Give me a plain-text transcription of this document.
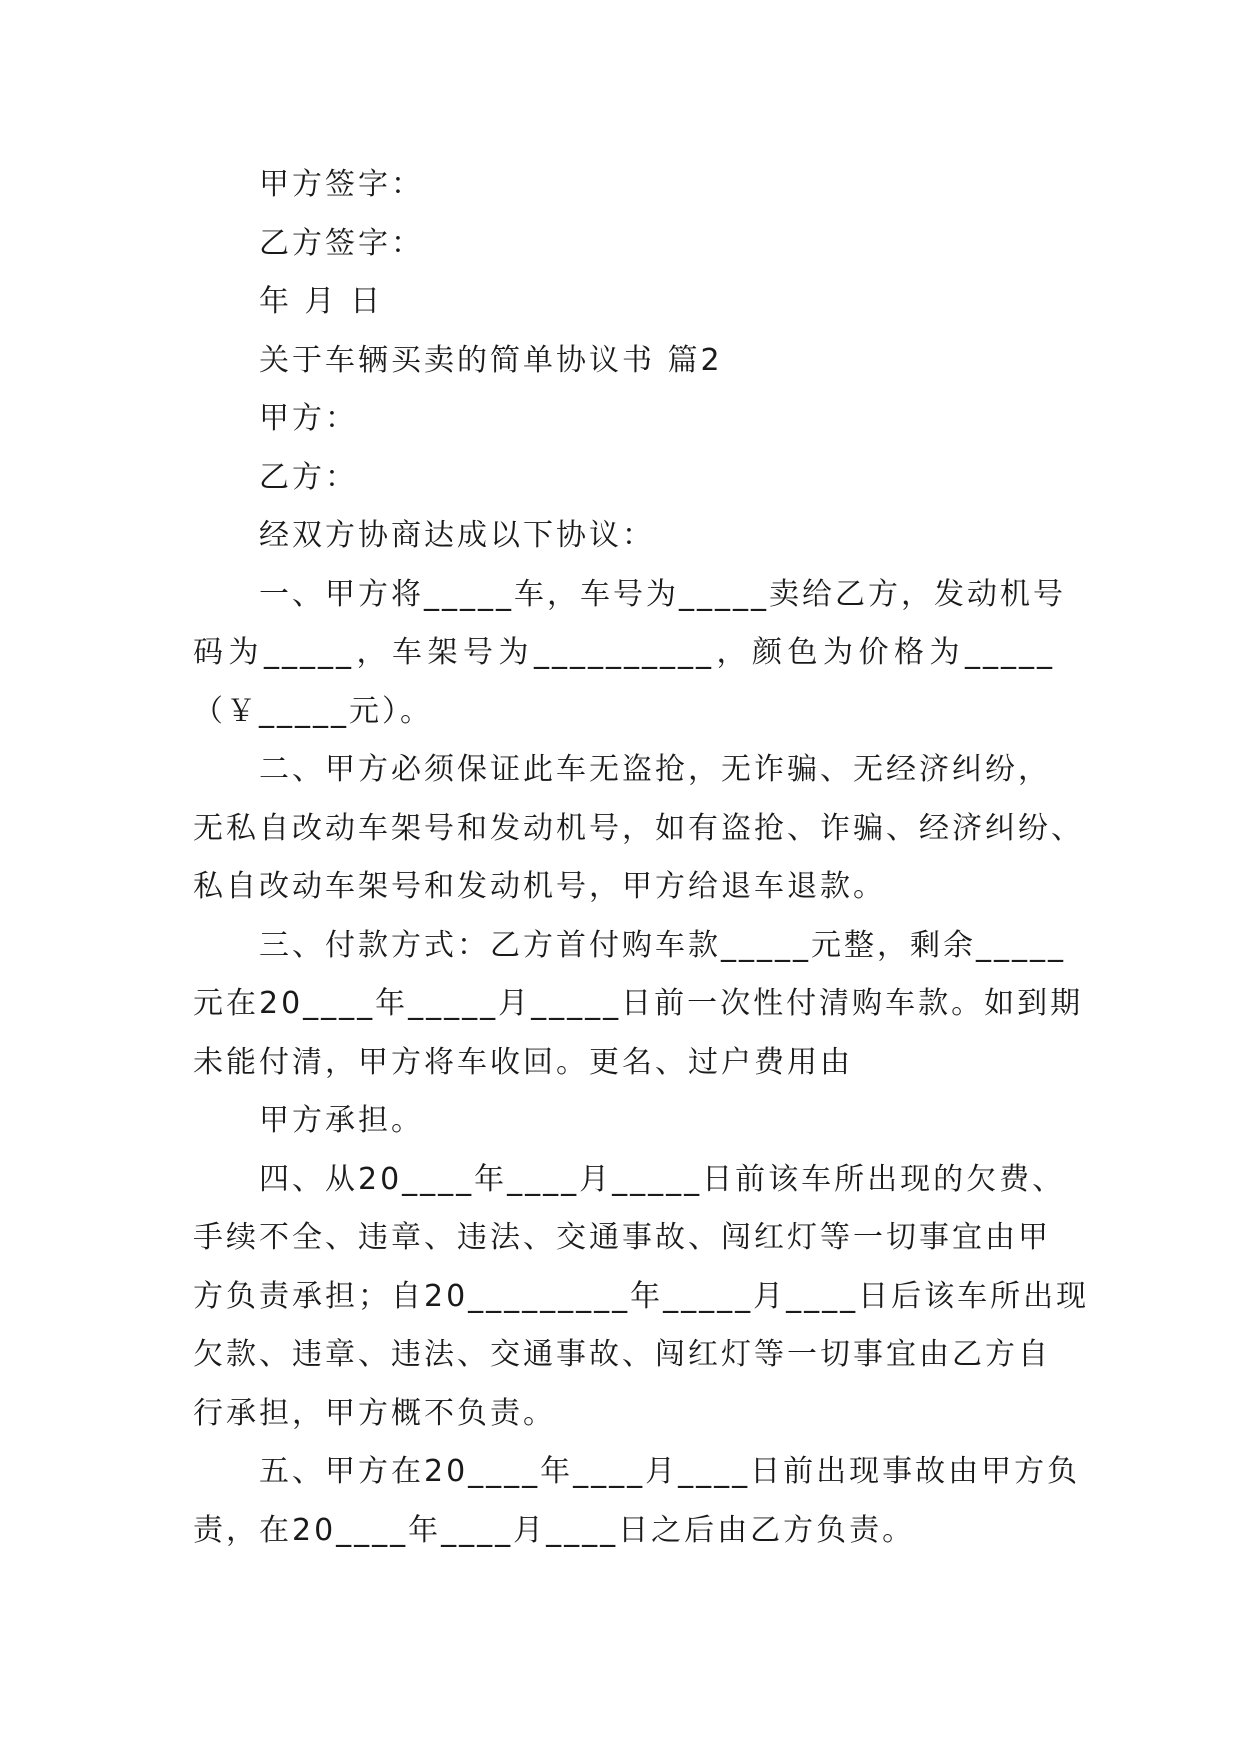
甲方签字：
乙方签字：
年 月 日
关于车辆买卖的简单协议书 篇2
甲方：
乙方：
经双方协商达成以下协议：
一、甲方将_____车，车号为_____卖给乙方，发动机号
码为_____，车架号为__________，颜色为价格为_____
（￥_____元）。
二、甲方必须保证此车无盗抢，无诈骗、无经济纠纷，
无私自改动车架号和发动机号，如有盗抢、诈骗、经济纠纷、
私自改动车架号和发动机号，甲方给退车退款。
三、付款方式：乙方首付购车款_____元整，剩余_____
元在20____年_____月_____日前一次性付清购车款。如到期
未能付清，甲方将车收回。更名、过户费用由
甲方承担。
四、从20____年____月_____日前该车所出现的欠费、
手续不全、违章、违法、交通事故、闯红灯等一切事宜由甲
方负责承担；自20_________年_____月____日后该车所出现
欠款、违章、违法、交通事故、闯红灯等一切事宜由乙方自
行承担，甲方概不负责。
五、甲方在20____年____月____日前出现事故由甲方负
责，在20____年____月____日之后由乙方负责。
